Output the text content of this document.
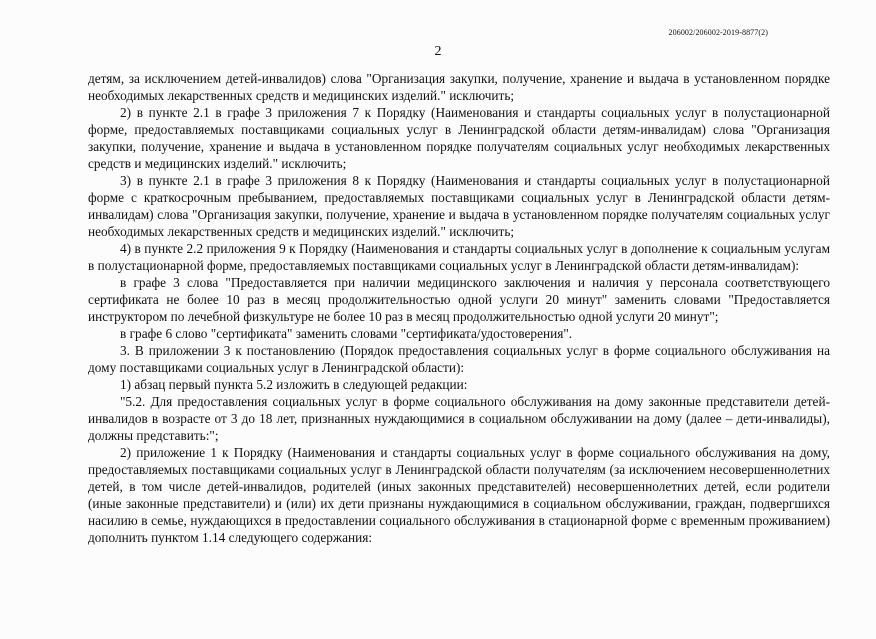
206002/206002-2019-8877(2)
2

детям, за исключением детей-инвалидов) слова "Организация закупки, получение, хранение и выдача в установленном порядке необходимых лекарственных средств и медицинских изделий." исключить;

2) в пункте 2.1 в графе 3 приложения 7 к Порядку (Наименования и стандарты социальных услуг в полустационарной форме, предоставляемых поставщиками социальных услуг в Ленинградской области детям-инвалидам) слова "Организация закупки, получение, хранение и выдача в установленном порядке получателям социальных услуг необходимых лекарственных средств и медицинских изделий." исключить;

3) в пункте 2.1 в графе 3 приложения 8 к Порядку (Наименования и стандарты социальных услуг в полустационарной форме с краткосрочным пребыванием, предоставляемых поставщиками социальных услуг в Ленинградской области детям-инвалидам) слова "Организация закупки, получение, хранение и выдача в установленном порядке получателям социальных услуг необходимых лекарственных средств и медицинских изделий." исключить;

4) в пункте 2.2 приложения 9 к Порядку (Наименования и стандарты социальных услуг в дополнение к социальным услугам в полустационарной форме, предоставляемых поставщиками социальных услуг в Ленинградской области детям-инвалидам):

в графе 3 слова "Предоставляется при наличии медицинского заключения и наличия у персонала соответствующего сертификата не более 10 раз в месяц продолжительностью одной услуги 20 минут" заменить словами "Предоставляется инструктором по лечебной физкультуре не более 10 раз в месяц продолжительностью одной услуги 20 минут";

в графе 6 слово "сертификата" заменить словами "сертификата/удостоверения".

3. В приложении 3 к постановлению (Порядок предоставления социальных услуг в форме социального обслуживания на дому поставщиками социальных услуг в Ленинградской области):

1) абзац первый пункта 5.2 изложить в следующей редакции:

"5.2. Для предоставления социальных услуг в форме социального обслуживания на дому законные представители детей-инвалидов в возрасте от 3 до 18 лет, признанных нуждающимися в социальном обслуживании на дому (далее – дети-инвалиды), должны представить:";

2) приложение 1 к Порядку (Наименования и стандарты социальных услуг в форме социального обслуживания на дому, предоставляемых поставщиками социальных услуг в Ленинградской области получателям (за исключением несовершеннолетних детей, в том числе детей-инвалидов, родителей (иных законных представителей) несовершеннолетних детей, если родители (иные законные представители) и (или) их дети признаны нуждающимися в социальном обслуживании, граждан, подвергшихся насилию в семье, нуждающихся в предоставлении социального обслуживания в стационарной форме с временным проживанием) дополнить пунктом 1.14 следующего содержания:
